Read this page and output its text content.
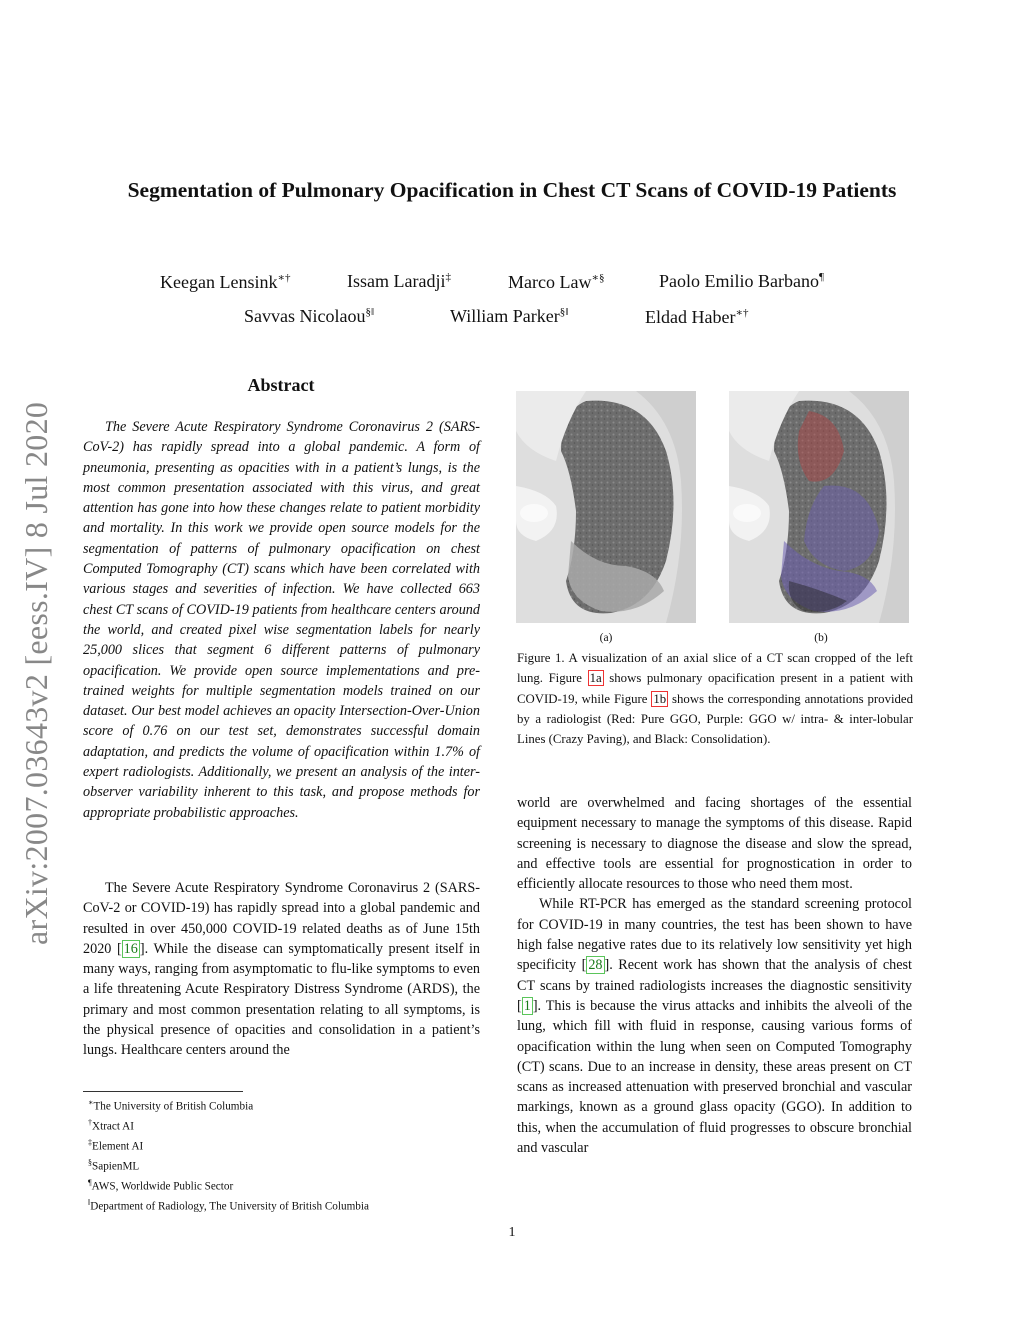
arXiv:2007.03643v2 [eess.IV] 8 Jul 2020
Segmentation of Pulmonary Opacification in Chest CT Scans of COVID-19 Patients
Keegan Lensink∗†	Issam Laradji‡	Marco Law∗§	Paolo Emilio Barbano¶
Savvas Nicolaou§‖	William Parker§‖	Eldad Haber∗†
Abstract

The Severe Acute Respiratory Syndrome Coronavirus 2 (SARS-CoV-2) has rapidly spread into a global pandemic. A form of pneumonia, presenting as opacities with in a patient’s lungs, is the most common presentation associated with this virus, and great attention has gone into how these changes relate to patient morbidity and mortality. In this work we provide open source models for the segmentation of patterns of pulmonary opacification on chest Computed Tomography (CT) scans which have been correlated with various stages and severities of infection. We have collected 663 chest CT scans of COVID-19 patients from healthcare centers around the world, and created pixel wise segmentation labels for nearly 25,000 slices that segment 6 different patterns of pulmonary opacification. We provide open source implementations and pre-trained weights for multiple segmentation models trained on our dataset. Our best model achieves an opacity Intersection-Over-Union score of 0.76 on our test set, demonstrates successful domain adaptation, and predicts the volume of opacification within 1.7% of expert radiologists. Additionally, we present an analysis of the inter-observer variability inherent to this task, and propose methods for appropriate probabilistic approaches.

The Severe Acute Respiratory Syndrome Coronavirus 2 (SARS-CoV-2 or COVID-19) has rapidly spread into a global pandemic and resulted in over 450,000 COVID-19 related deaths as of June 15th 2020 [ 16 ]. While the disease can symptomatically present itself in many ways, ranging from asymptomatic to flu-like symptoms to even a life threatening Acute Respiratory Distress Syndrome (ARDS), the primary and most common presentation relating to all symptoms, is the physical presence of opacities and consolidation in a patient’s lungs. Healthcare centers around the

∗The University of British Columbia
†Xtract AI
‡Element AI
§SapienML
¶AWS, Worldwide Public Sector
‖Department of Radiology, The University of British Columbia
(a)	(b)
Figure 1. A visualization of an axial slice of a CT scan cropped of the left lung. Figure 1a shows pulmonary opacification present in a patient with COVID-19, while Figure 1b shows the corresponding annotations provided by a radiologist (Red: Pure GGO, Purple: GGO w/ intra- & inter-lobular Lines (Crazy Paving), and Black: Consolidation).

world are overwhelmed and facing shortages of the essential equipment necessary to manage the symptoms of this disease. Rapid screening is necessary to diagnose the disease and slow the spread, and effective tools are essential for prognostication in order to efficiently allocate resources to those who need them most.

While RT-PCR has emerged as the standard screening protocol for COVID-19 in many countries, the test has been shown to have high false negative rates due to its relatively low sensitivity yet high specificity [ 28 ]. Recent work has shown that the analysis of chest CT scans by trained radiologists increases the diagnostic sensitivity [ 1 ]. This is because the virus attacks and inhibits the alveoli of the lung, which fill with fluid in response, causing various forms of opacification within the lung when seen on Computed Tomography (CT) scans. Due to an increase in density, these areas present on CT scans as increased attenuation with preserved bronchial and vascular markings, known as a ground glass opacity (GGO). In addition to this, when the accumulation of fluid progresses to obscure bronchial and vascular

1
